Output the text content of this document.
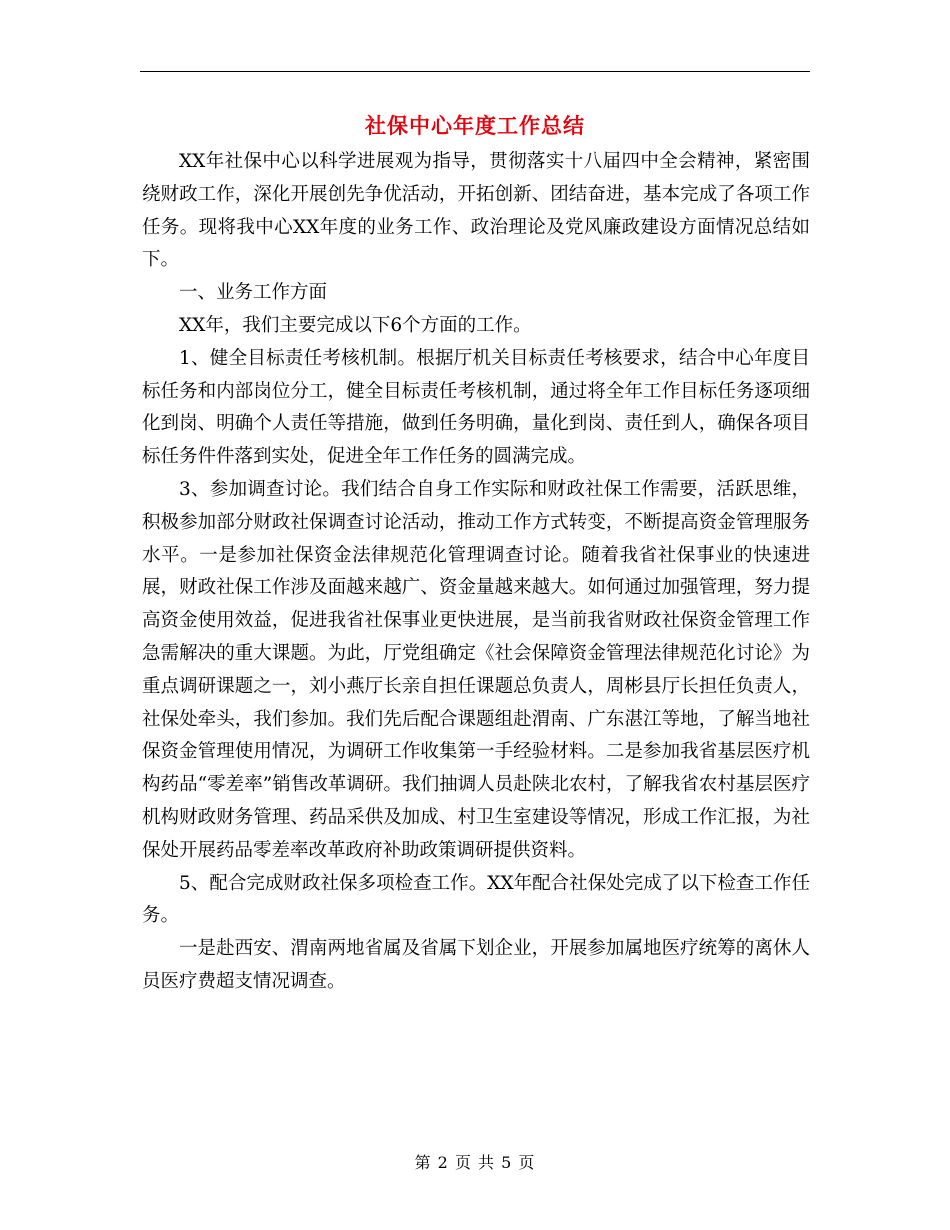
社保中心年度工作总结

XX年社保中心以科学进展观为指导，贯彻落实十八届四中全会精神，紧密围绕财政工作，深化开展创先争优活动，开拓创新、团结奋进，基本完成了各项工作任务。现将我中心XX年度的业务工作、政治理论及党风廉政建设方面情况总结如下。

一、业务工作方面

XX年，我们主要完成以下6个方面的工作。

1、健全目标责任考核机制。根据厅机关目标责任考核要求，结合中心年度目标任务和内部岗位分工，健全目标责任考核机制，通过将全年工作目标任务逐项细化到岗、明确个人责任等措施，做到任务明确，量化到岗、责任到人，确保各项目标任务件件落到实处，促进全年工作任务的圆满完成。

3、参加调查讨论。我们结合自身工作实际和财政社保工作需要，活跃思维，积极参加部分财政社保调查讨论活动，推动工作方式转变，不断提高资金管理服务水平。一是参加社保资金法律规范化管理调查讨论。随着我省社保事业的快速进展，财政社保工作涉及面越来越广、资金量越来越大。如何通过加强管理，努力提高资金使用效益，促进我省社保事业更快进展，是当前我省财政社保资金管理工作急需解决的重大课题。为此，厅党组确定《社会保障资金管理法律规范化讨论》为重点调研课题之一，刘小燕厅长亲自担任课题总负责人，周彬县厅长担任负责人，社保处牵头，我们参加。我们先后配合课题组赴渭南、广东湛江等地，了解当地社保资金管理使用情况，为调研工作收集第一手经验材料。二是参加我省基层医疗机构药品“零差率”销售改革调研。我们抽调人员赴陕北农村，了解我省农村基层医疗机构财政财务管理、药品采供及加成、村卫生室建设等情况，形成工作汇报，为社保处开展药品零差率改革政府补助政策调研提供资料。

5、配合完成财政社保多项检查工作。XX年配合社保处完成了以下检查工作任务。

一是赴西安、渭南两地省属及省属下划企业，开展参加属地医疗统筹的离休人员医疗费超支情况调查。

第 2 页 共 5 页
